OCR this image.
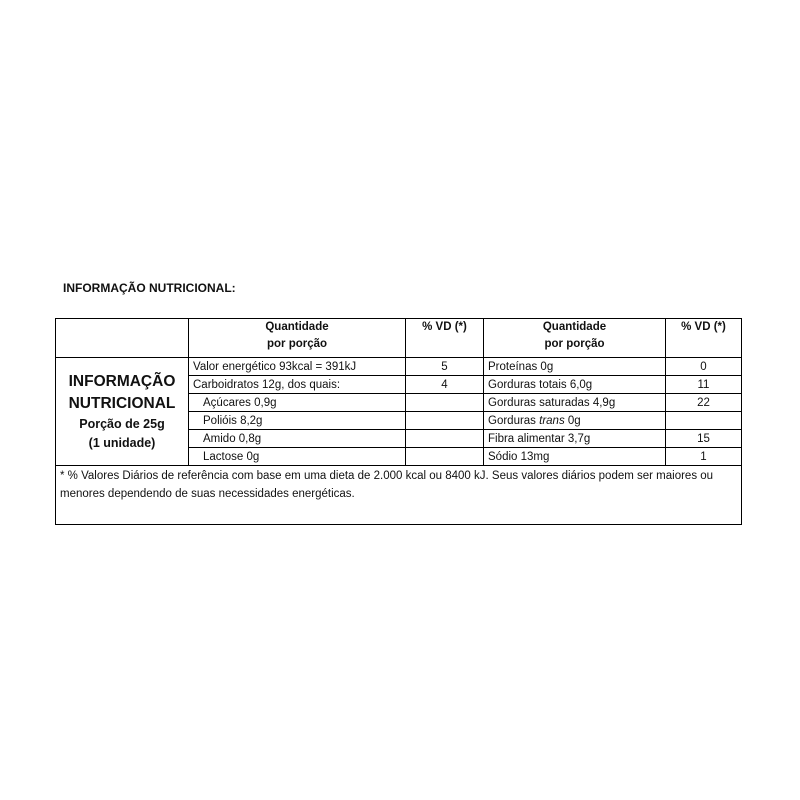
INFORMAÇÃO NUTRICIONAL:
	Quantidade
por porção	% VD (*)	Quantidade
por porção	% VD (*)

INFORMAÇÃO
NUTRICIONAL
Porção de 25g
(1 unidade)	Valor energético 93kcal = 391kJ	5	Proteínas 0g	0
	Carboidratos 12g, dos quais:	4	Gorduras totais 6,0g	11
	Açúcares 0,9g		Gorduras saturadas 4,9g	22
	Polióis 8,2g		Gorduras trans 0g	
	Amido 0,8g		Fibra alimentar 3,7g	15
	Lactose 0g		Sódio 13mg	1
* % Valores Diários de referência com base em uma dieta de 2.000 kcal ou 8400 kJ. Seus valores diários podem ser maiores ou menores dependendo de suas necessidades energéticas.				
